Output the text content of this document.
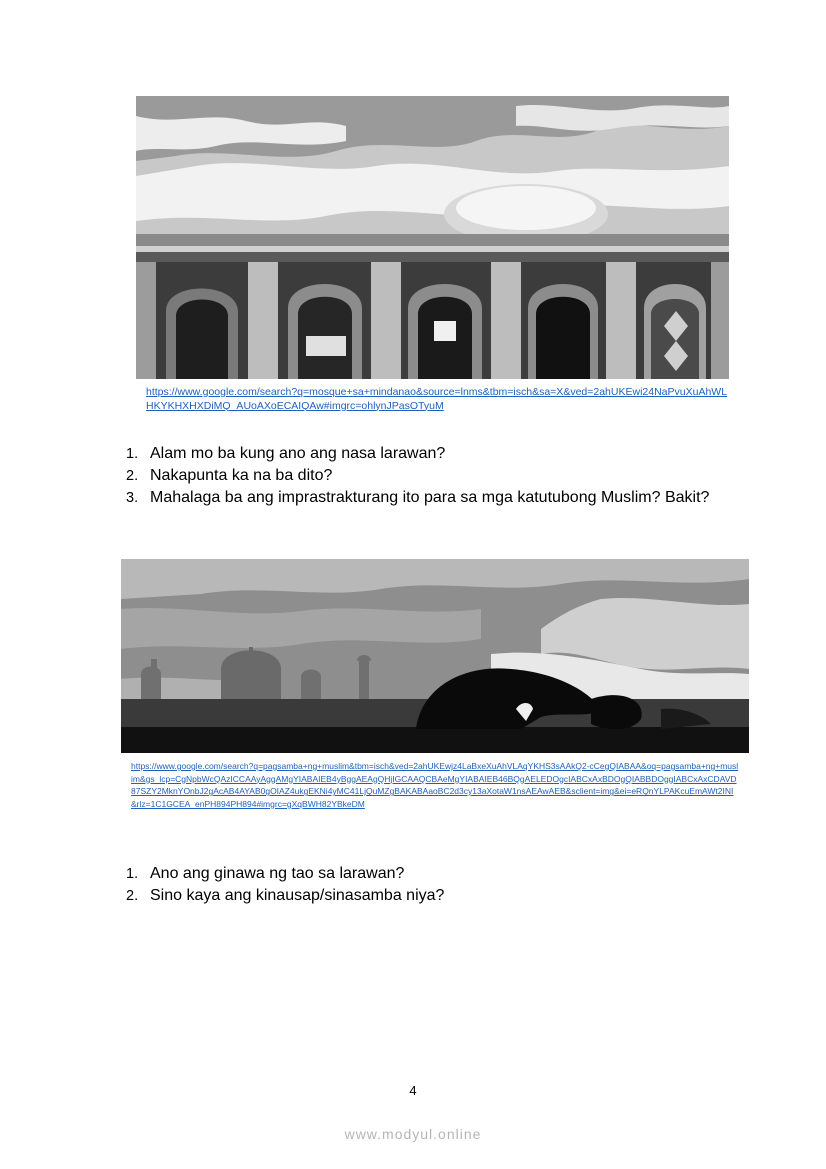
https://www.google.com/search?q=mosque+sa+mindanao&source=lnms&tbm=isch&sa=X&ved=2ahUKEwi24NaPvuXuAhWLHKYKHXHXDiMQ_AUoAXoECAIQAw#imgrc=ohlynJPasOTyuM
1. Alam mo ba kung ano ang nasa larawan?
2. Nakapunta ka na ba dito?
3. Mahalaga ba ang imprastrakturang ito para sa mga katutubong Muslim? Bakit?
https://www.google.com/search?q=pagsamba+ng+muslim&tbm=isch&ved=2ahUKEwjz4LaBxeXuAhVLAqYKHS3sAAkQ2-cCegQIABAA&oq=pagsamba+ng+muslim&gs_lcp=CgNpbWcQAzICCAAyAggAMgYIABAIEB4yBggAEAgQHjIGCAAQCBAeMgYIABAIEB46BQgAELEDOgcIABCxAxBDOgQIABBDOggIABCxAxCDAVD87SZY2MknYOnbJ2gAcAB4AYAB0gOIAZ4ukgEKNi4yMC41LjQuMZgBAKABAaoBC2d3cy13aXotaW1nsAEAwAEB&sclient=img&ei=eRQnYLPAKcuEmAWt2INI&rlz=1C1GCEA_enPH894PH894#imgrc=gXqBWH82YBkeDM
1. Ano ang ginawa ng tao sa larawan?
2. Sino kaya ang kinausap/sinasamba niya?
4
www.modyul.online
